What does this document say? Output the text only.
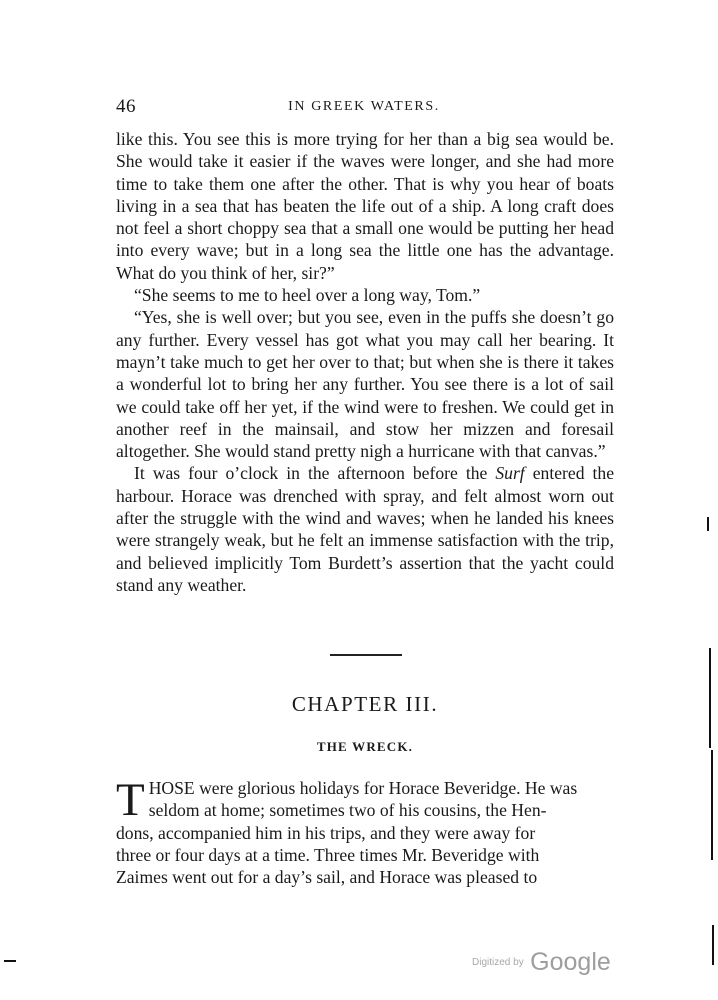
46	IN GREEK WATERS.

like this. You see this is more trying for her than a big sea would be. She would take it easier if the waves were longer, and she had more time to take them one after the other. That is why you hear of boats living in a sea that has beaten the life out of a ship. A long craft does not feel a short choppy sea that a small one would be putting her head into every wave; but in a long sea the little one has the advantage. What do you think of her, sir?”

“She seems to me to heel over a long way, Tom.”

“Yes, she is well over; but you see, even in the puffs she doesn’t go any further. Every vessel has got what you may call her bearing. It mayn’t take much to get her over to that; but when she is there it takes a wonderful lot to bring her any further. You see there is a lot of sail we could take off her yet, if the wind were to freshen. We could get in another reef in the mainsail, and stow her mizzen and foresail altogether. She would stand pretty nigh a hurricane with that canvas.”

It was four o’clock in the afternoon before the Surf entered the harbour. Horace was drenched with spray, and felt almost worn out after the struggle with the wind and waves; when he landed his knees were strangely weak, but he felt an immense satisfaction with the trip, and believed implicitly Tom Burdett’s assertion that the yacht could stand any weather.

CHAPTER III.
THE WRECK.
T HOSE were glorious holidays for Horace Beveridge. He was
seldom at home; sometimes two of his cousins, the Hen-
dons, accompanied him in his trips, and they were away for
three or four days at a time. Three times Mr. Beveridge with
Zaimes went out for a day’s sail, and Horace was pleased to
Digitized by Google
